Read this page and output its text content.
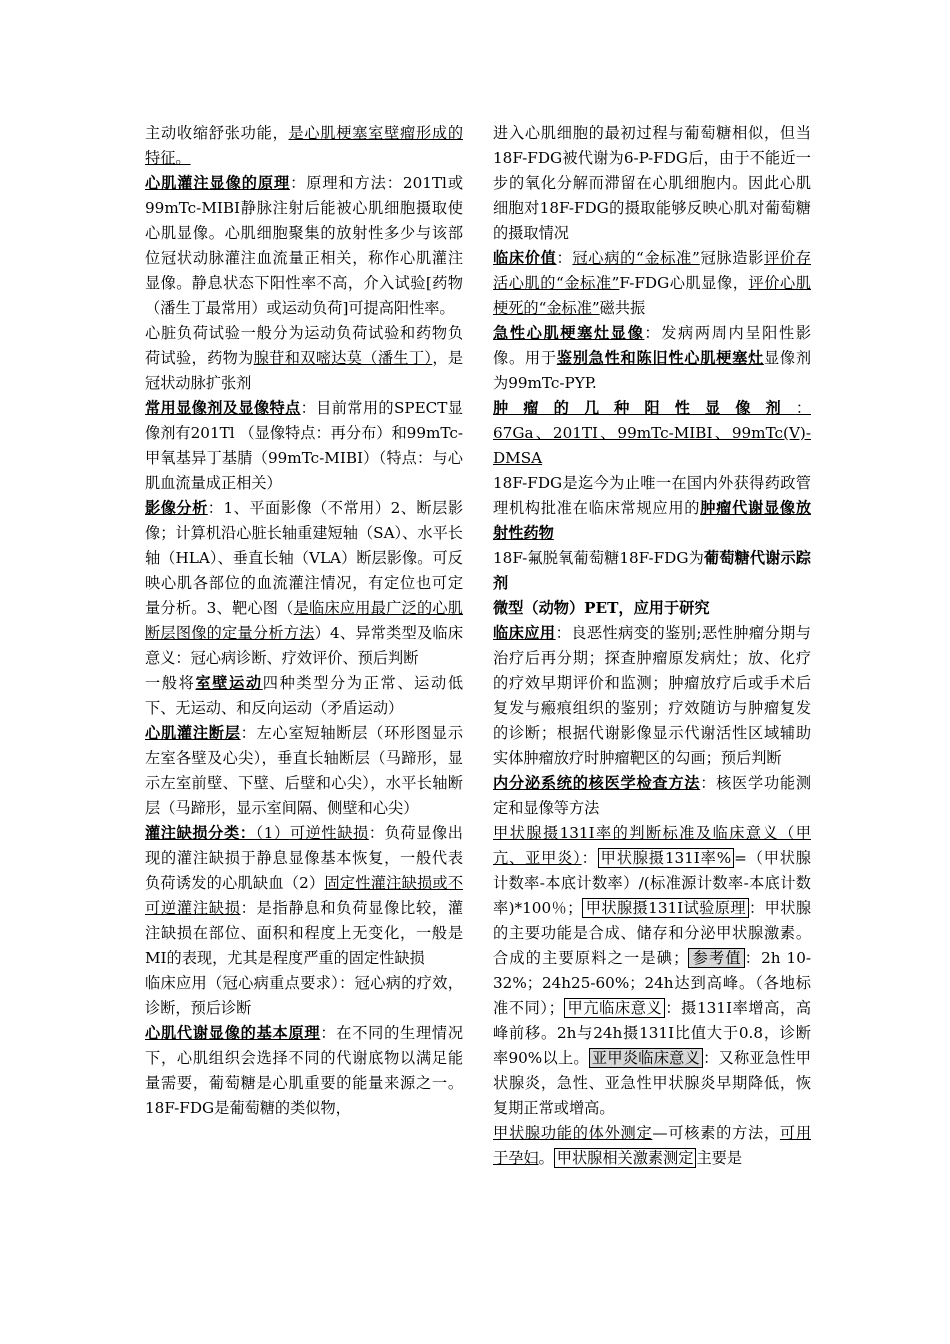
主动收缩舒张功能，是心肌梗塞室壁瘤形成的特征。

心肌灌注显像的原理：原理和方法：201Tl或99mTc-MIBI静脉注射后能被心肌细胞摄取使心肌显像。心肌细胞聚集的放射性多少与该部位冠状动脉灌注血流量正相关，称作心肌灌注显像。静息状态下阳性率不高，介入试验[药物（潘生丁最常用）或运动负荷]可提高阳性率。

心脏负荷试验一般分为运动负荷试验和药物负荷试验，药物为腺苷和双嘧达莫（潘生丁），是冠状动脉扩张剂

常用显像剂及显像特点：目前常用的SPECT显像剂有201Tl （显像特点：再分布）和99mTc-甲氧基异丁基腈（99mTc-MIBI）（特点：与心肌血流量成正相关）

影像分析：1、平面影像（不常用）2、断层影像；计算机沿心脏长轴重建短轴（SA）、水平长轴（HLA）、垂直长轴（VLA）断层影像。可反映心肌各部位的血流灌注情况，有定位也可定量分析。3、靶心图（是临床应用最广泛的心肌断层图像的定量分析方法）4、异常类型及临床意义：冠心病诊断、疗效评价、预后判断

一般将室壁运动四种类型分为正常、运动低下、无运动、和反向运动（矛盾运动）

心肌灌注断层：左心室短轴断层（环形图显示左室各壁及心尖），垂直长轴断层（马蹄形，显示左室前壁、下壁、后壁和心尖），水平长轴断层（马蹄形，显示室间隔、侧壁和心尖）

灌注缺损分类：（1）可逆性缺损：负荷显像出现的灌注缺损于静息显像基本恢复，一般代表负荷诱发的心肌缺血（2）固定性灌注缺损或不可逆灌注缺损：是指静息和负荷显像比较，灌注缺损在部位、面积和程度上无变化，一般是MI的表现，尤其是程度严重的固定性缺损

临床应用（冠心病重点要求）：冠心病的疗效，诊断，预后诊断

心肌代谢显像的基本原理：在不同的生理情况下，心肌组织会选择不同的代谢底物以满足能量需要，葡萄糖是心肌重要的能量来源之一。18F-FDG是葡萄糖的类似物，

进入心肌细胞的最初过程与葡萄糖相似，但当18F-FDG被代谢为6-P-FDG后，由于不能近一步的氧化分解而滞留在心肌细胞内。因此心肌细胞对18F-FDG的摄取能够反映心肌对葡萄糖的摄取情况

临床价值：冠心病的“金标准”冠脉造影评价存活心肌的“金标准”F-FDG心肌显像，评价心肌梗死的“金标准”磁共振

急性心肌梗塞灶显像：发病两周内呈阳性影像。用于鉴别急性和陈旧性心肌梗塞灶显像剂为99mTc-PYP.

肿瘤的几种阳性显像剂：67Ga、201TI、99mTc-MIBI、99mTc(V)-DMSA

18F-FDG是迄今为止唯一在国内外获得药政管理机构批准在临床常规应用的肿瘤代谢显像放射性药物

18F-氟脱氧葡萄糖18F-FDG为葡萄糖代谢示踪剂

微型（动物）PET，应用于研究

临床应用：良恶性病变的鉴别;恶性肿瘤分期与治疗后再分期；探查肿瘤原发病灶；放、化疗的疗效早期评价和监测；肿瘤放疗后或手术后复发与瘢痕组织的鉴别；疗效随访与肿瘤复发的诊断；根据代谢影像显示代谢活性区域辅助实体肿瘤放疗时肿瘤靶区的勾画；预后判断

内分泌系统的核医学检查方法：核医学功能测定和显像等方法

甲状腺摄131I率的判断标准及临床意义（甲亢、亚甲炎）： 甲状腺摄131I率% =（甲状腺计数率-本底计数率）/(标准源计数率-本底计数率)*100％； 甲状腺摄131I试验原理 ：甲状腺的主要功能是合成、储存和分泌甲状腺激素。合成的主要原料之一是碘； 参考值 ：2h 10-32%；24h25-60%；24h达到高峰。（各地标准不同）； 甲亢临床意义 ：摄131I率增高，高峰前移。2h与24h摄131I比值大于0.8，诊断率90%以上。 亚甲炎临床意义 ：又称亚急性甲状腺炎，急性、亚急性甲状腺炎早期降低，恢复期正常或增高。

甲状腺功能的体外测定—可核素的方法，可用于孕妇。 甲状腺相关激素测定 主要是
